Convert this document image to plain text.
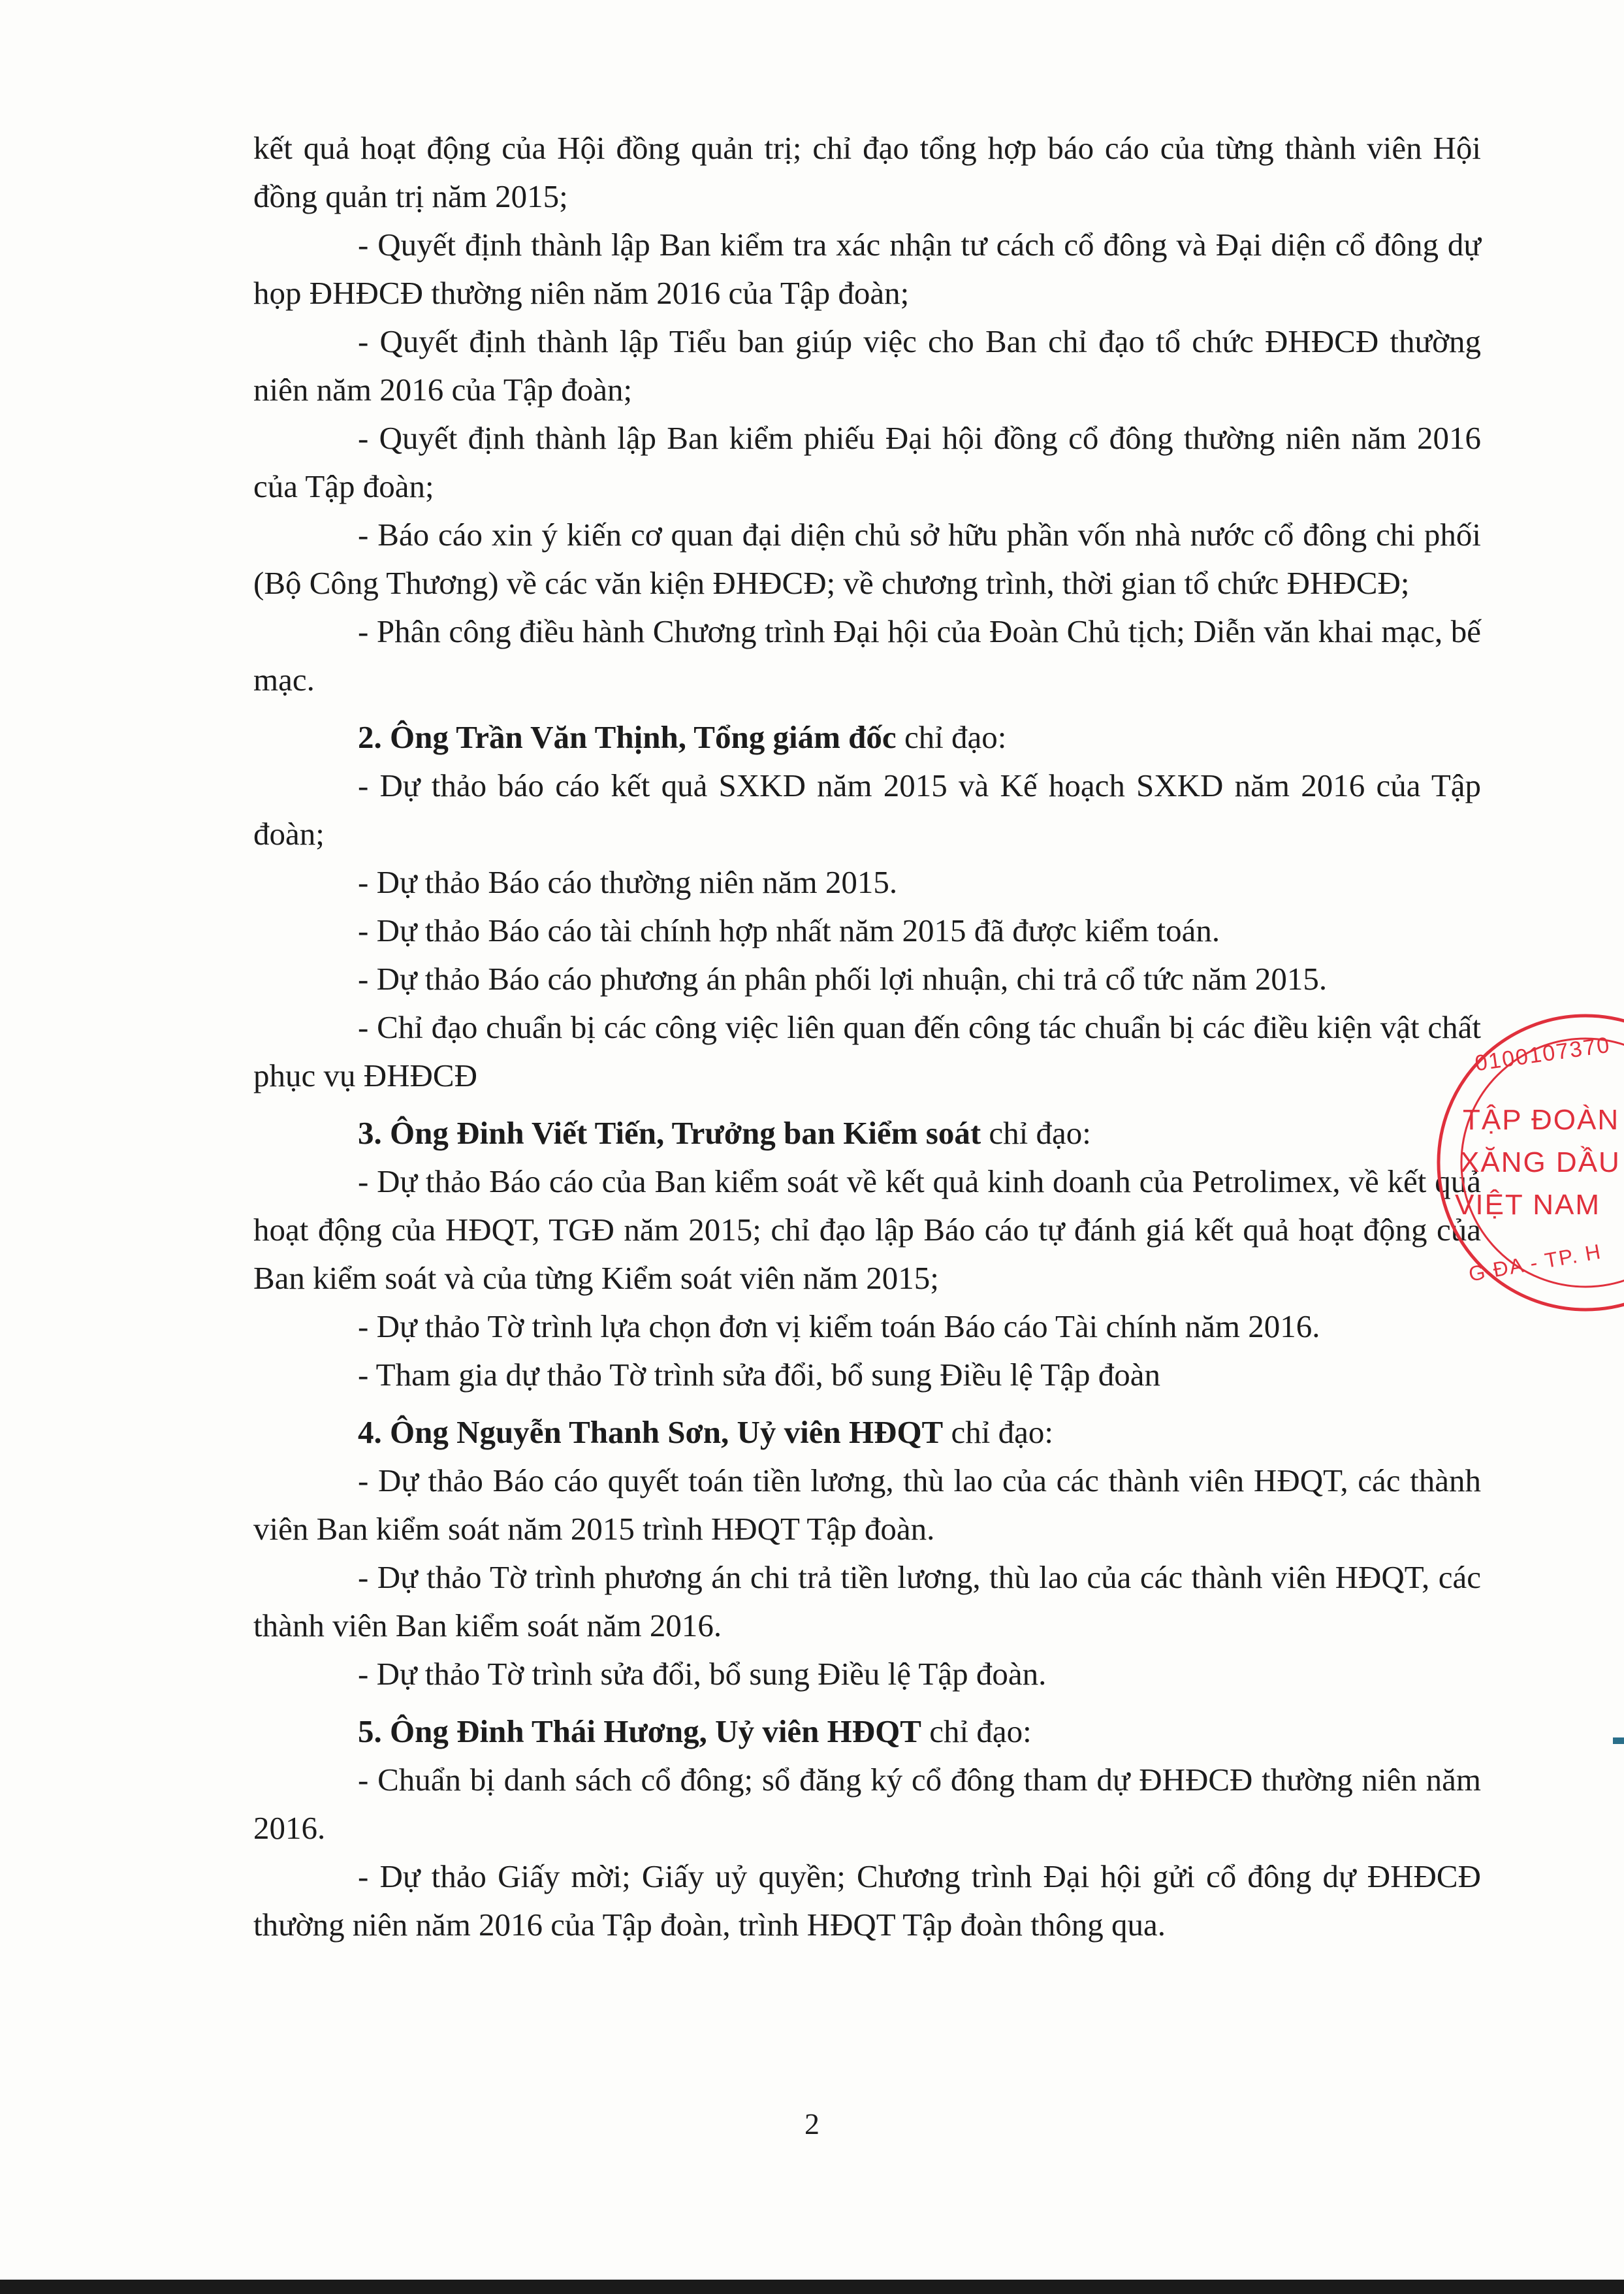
kết quả hoạt động của Hội đồng quản trị; chỉ đạo tổng hợp báo cáo của từng thành viên Hội đồng quản trị năm 2015;

- Quyết định thành lập Ban kiểm tra xác nhận tư cách cổ đông và Đại diện cổ đông dự họp ĐHĐCĐ thường niên năm 2016 của Tập đoàn;

- Quyết định thành lập Tiểu ban giúp việc cho Ban chỉ đạo tổ chức ĐHĐCĐ thường niên năm 2016 của Tập đoàn;

- Quyết định thành lập Ban kiểm phiếu Đại hội đồng cổ đông thường niên năm 2016 của Tập đoàn;

- Báo cáo xin ý kiến cơ quan đại diện chủ sở hữu phần vốn nhà nước cổ đông chi phối (Bộ Công Thương) về các văn kiện ĐHĐCĐ; về chương trình, thời gian tổ chức ĐHĐCĐ;

- Phân công điều hành Chương trình Đại hội của Đoàn Chủ tịch; Diễn văn khai mạc, bế mạc.

2. Ông Trần Văn Thịnh, Tổng giám đốc chỉ đạo:

- Dự thảo báo cáo kết quả SXKD năm 2015 và Kế hoạch SXKD năm 2016 của Tập đoàn;

- Dự thảo Báo cáo thường niên năm 2015.

- Dự thảo Báo cáo tài chính hợp nhất năm 2015 đã được kiểm toán.

- Dự thảo Báo cáo phương án phân phối lợi nhuận, chi trả cổ tức năm 2015.

- Chỉ đạo chuẩn bị các công việc liên quan đến công tác chuẩn bị các điều kiện vật chất phục vụ ĐHĐCĐ

3. Ông Đinh Viết Tiến, Trưởng ban Kiểm soát chỉ đạo:

- Dự thảo Báo cáo của Ban kiểm soát về kết quả kinh doanh của Petrolimex, về kết quả hoạt động của HĐQT, TGĐ năm 2015; chỉ đạo lập Báo cáo tự đánh giá kết quả hoạt động của Ban kiểm soát và của từng Kiểm soát viên năm 2015;

- Dự thảo Tờ trình lựa chọn đơn vị kiểm toán Báo cáo Tài chính năm 2016.

- Tham gia dự thảo Tờ trình sửa đổi, bổ sung Điều lệ Tập đoàn

4. Ông Nguyễn Thanh Sơn, Uỷ viên HĐQT chỉ đạo:

- Dự thảo Báo cáo quyết toán tiền lương, thù lao của các thành viên HĐQT, các thành viên Ban kiểm soát năm 2015 trình HĐQT Tập đoàn.

- Dự thảo Tờ trình phương án chi trả tiền lương, thù lao của các thành viên HĐQT, các thành viên Ban kiểm soát năm 2016.

- Dự thảo Tờ trình sửa đổi, bổ sung Điều lệ Tập đoàn.

5. Ông Đinh Thái Hương, Uỷ viên HĐQT chỉ đạo:

- Chuẩn bị danh sách cổ đông; sổ đăng ký cổ đông tham dự ĐHĐCĐ thường niên năm 2016.

- Dự thảo Giấy mời; Giấy uỷ quyền; Chương trình Đại hội gửi cổ đông dự ĐHĐCĐ thường niên năm 2016 của Tập đoàn, trình HĐQT Tập đoàn thông qua.

0100107370
TẬP ĐOÀN
XĂNG DẦU
VIỆT NAM
G ĐA - TP. H
2
